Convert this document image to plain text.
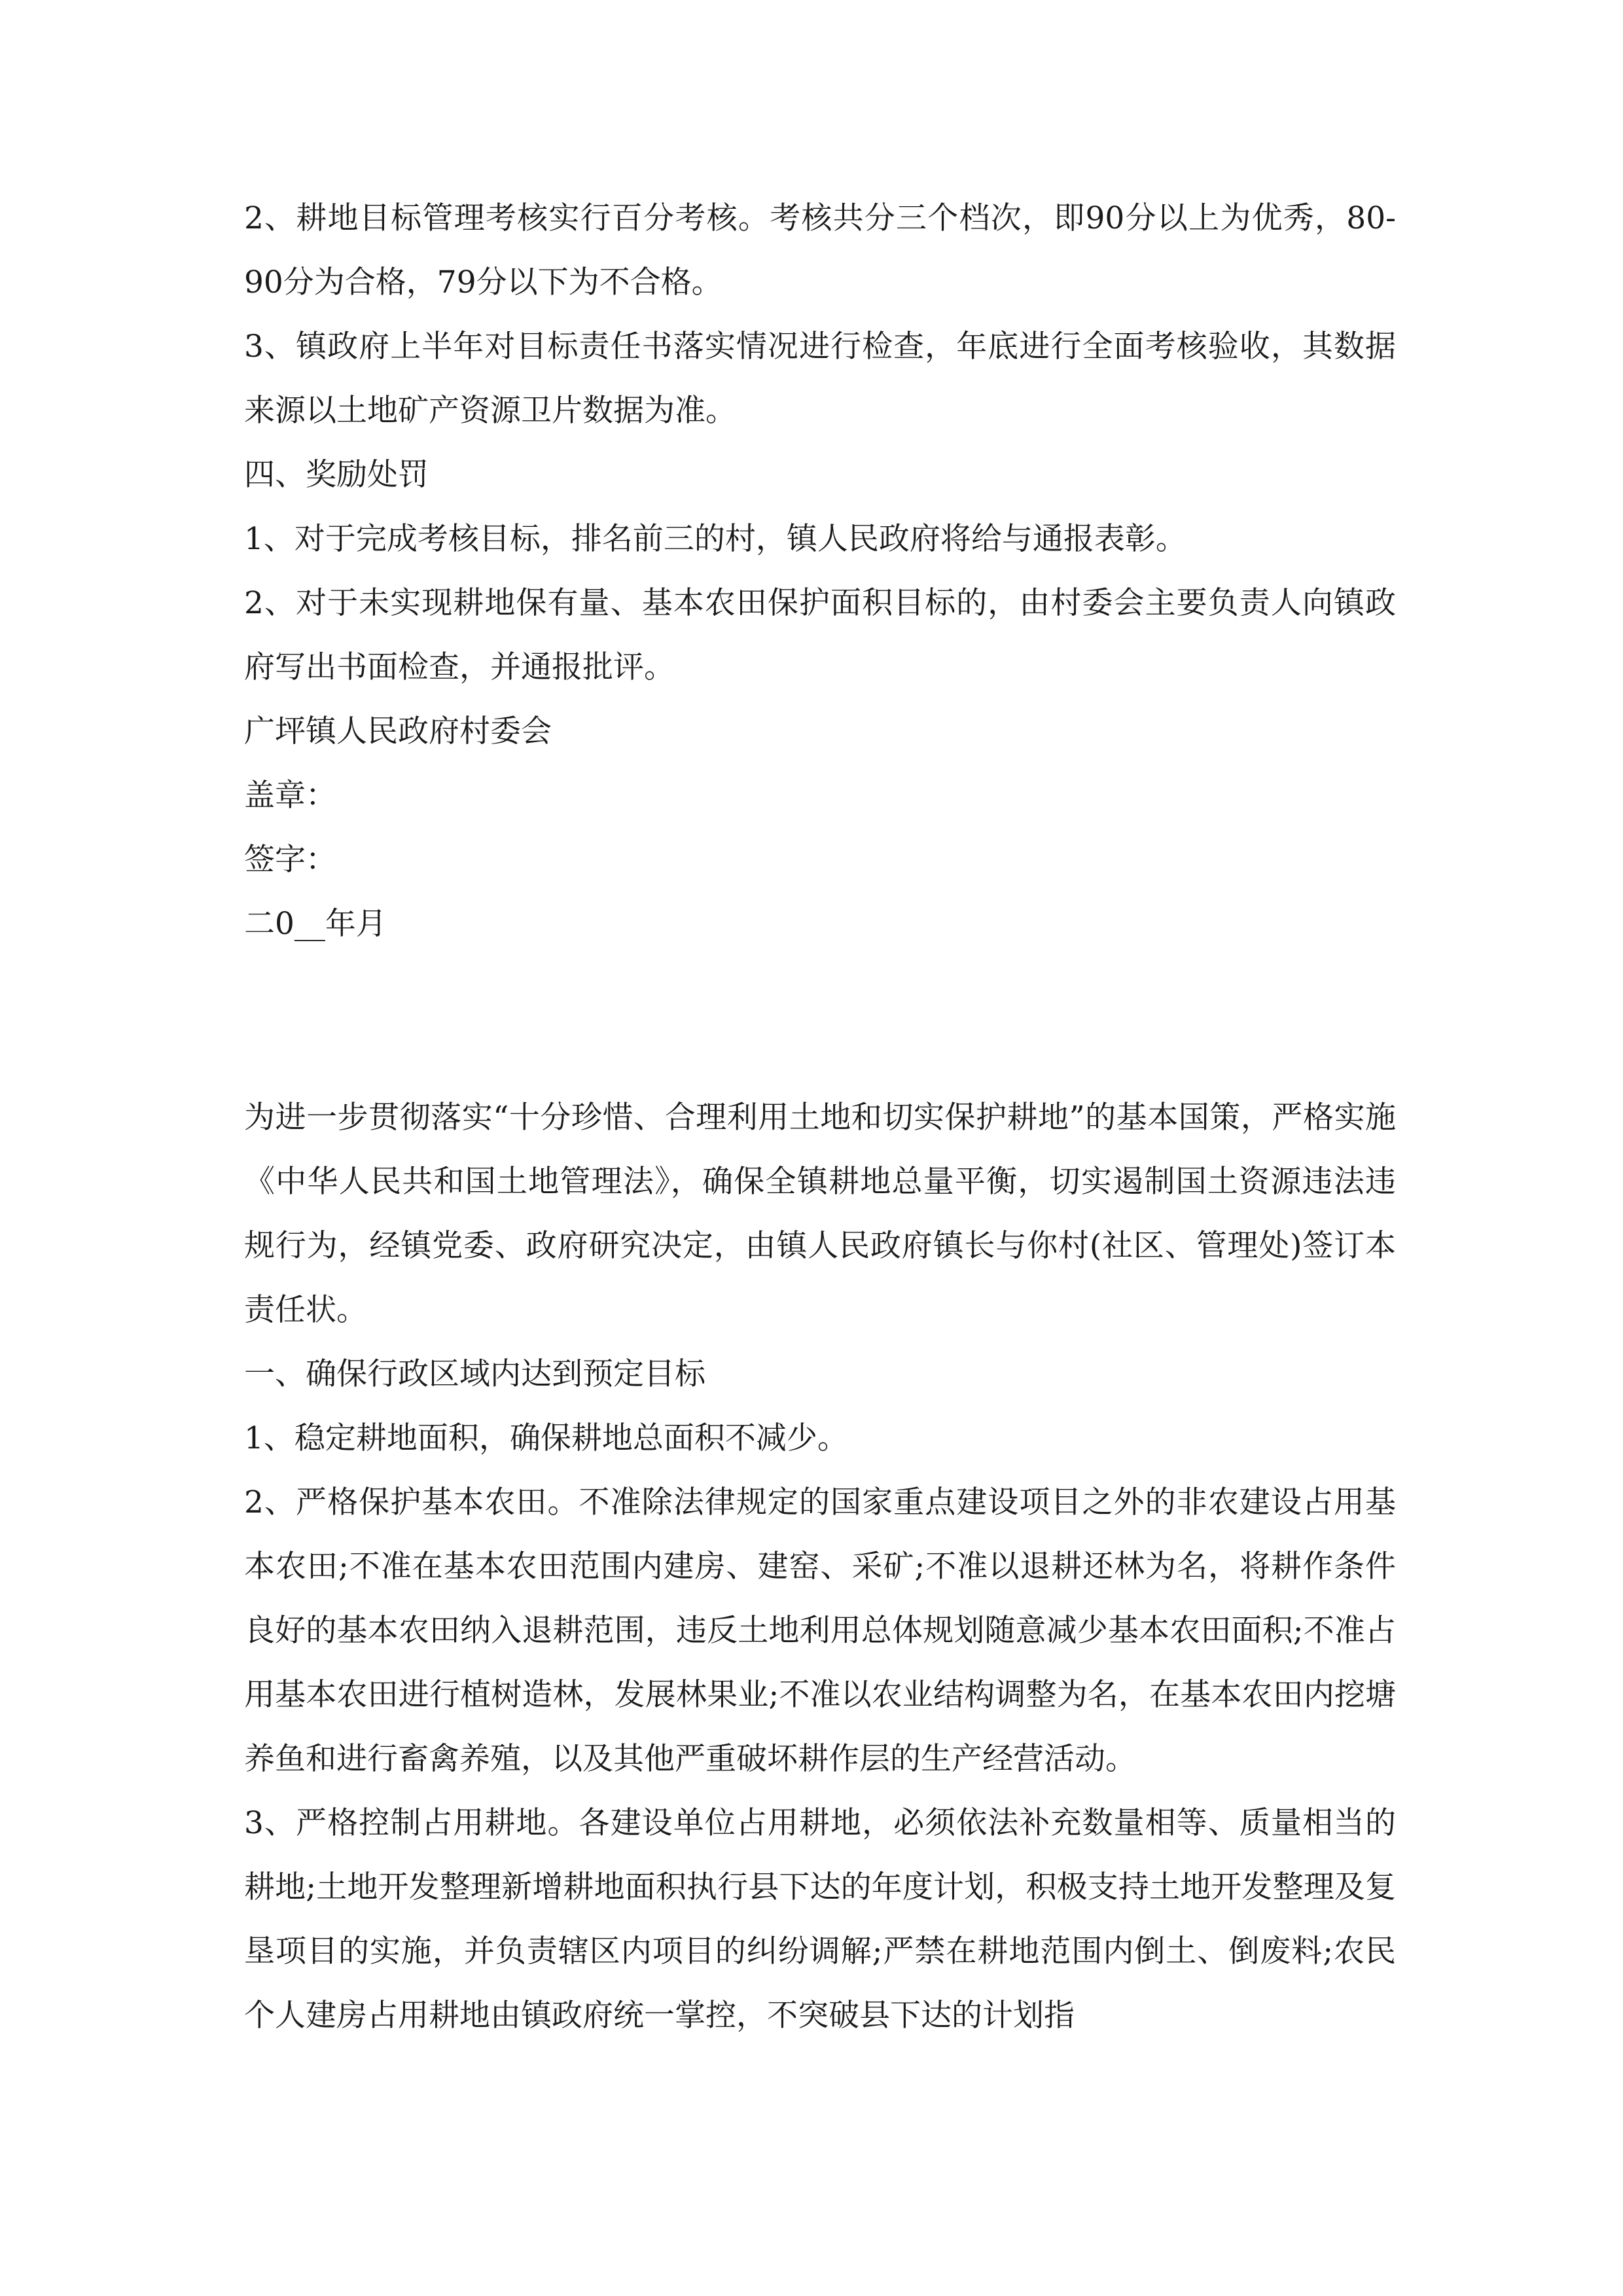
2、耕地目标管理考核实行百分考核。考核共分三个档次，即90分以上为优秀，80-90分为合格，79分以下为不合格。

3、镇政府上半年对目标责任书落实情况进行检查，年底进行全面考核验收，其数据来源以土地矿产资源卫片数据为准。

四、奖励处罚

1、对于完成考核目标，排名前三的村，镇人民政府将给与通报表彰。

2、对于未实现耕地保有量、基本农田保护面积目标的，由村委会主要负责人向镇政府写出书面检查，并通报批评。

广坪镇人民政府村委会

盖章：

签字：

二0__年月

为进一步贯彻落实“十分珍惜、合理利用土地和切实保护耕地”的基本国策，严格实施《中华人民共和国土地管理法》，确保全镇耕地总量平衡，切实遏制国土资源违法违规行为，经镇党委、政府研究决定，由镇人民政府镇长与你村(社区、管理处)签订本责任状。

一、确保行政区域内达到预定目标

1、稳定耕地面积，确保耕地总面积不减少。

2、严格保护基本农田。不准除法律规定的国家重点建设项目之外的非农建设占用基本农田;不准在基本农田范围内建房、建窑、采矿;不准以退耕还林为名，将耕作条件良好的基本农田纳入退耕范围，违反土地利用总体规划随意减少基本农田面积;不准占用基本农田进行植树造林，发展林果业;不准以农业结构调整为名，在基本农田内挖塘养鱼和进行畜禽养殖，以及其他严重破坏耕作层的生产经营活动。

3、严格控制占用耕地。各建设单位占用耕地，必须依法补充数量相等、质量相当的耕地;土地开发整理新增耕地面积执行县下达的年度计划，积极支持土地开发整理及复垦项目的实施，并负责辖区内项目的纠纷调解;严禁在耕地范围内倒土、倒废料;农民个人建房占用耕地由镇政府统一掌控，不突破县下达的计划指
